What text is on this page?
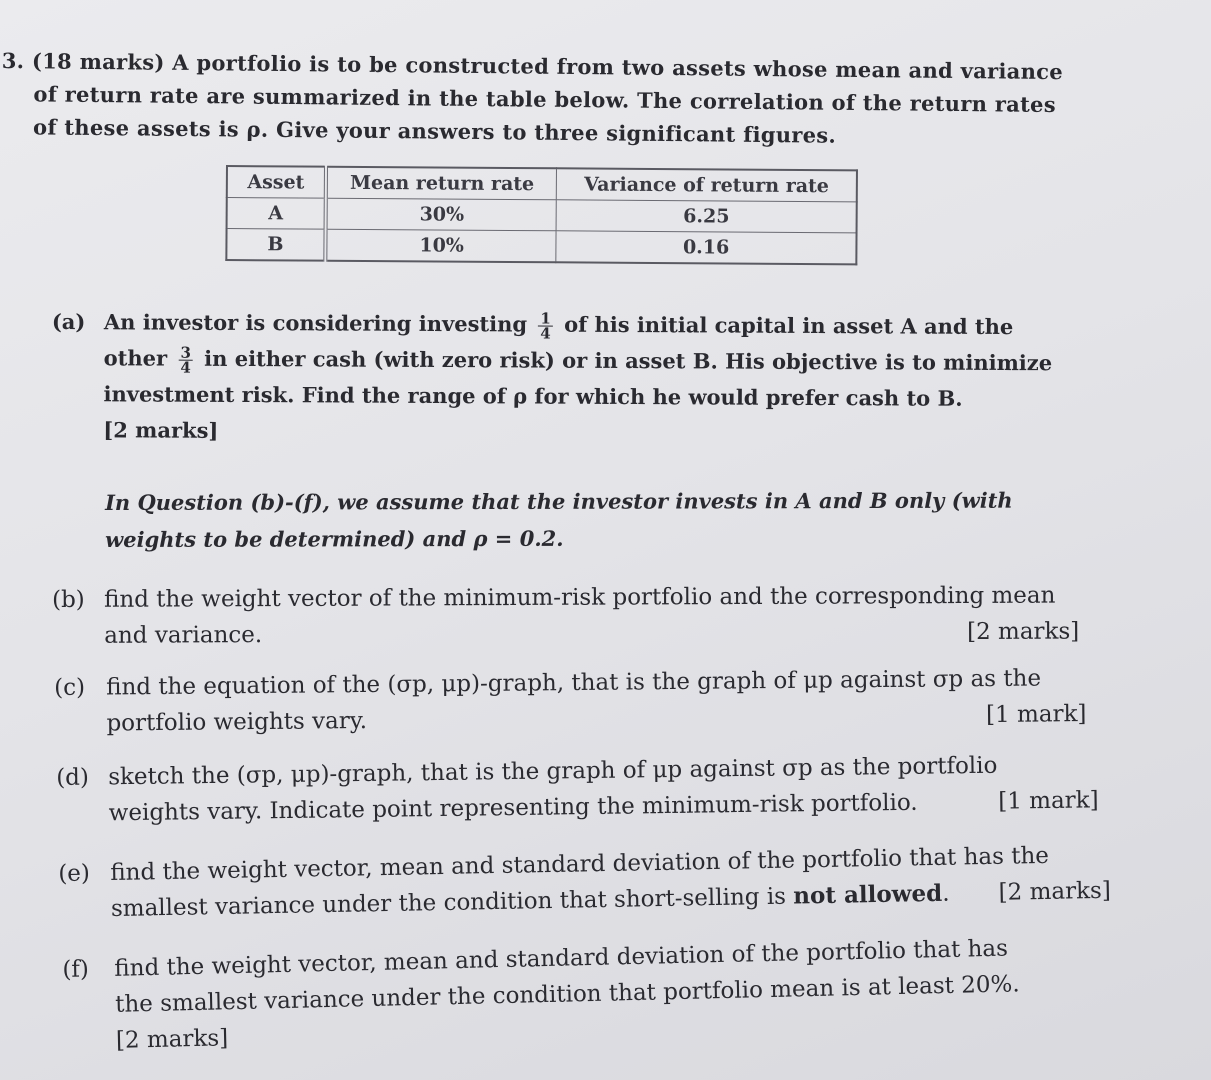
3. (18 marks) A portfolio is to be constructed from two assets whose mean and variance
of return rate are summarized in the table below. The correlation of the return rates
of these assets is ρ. Give your answers to three significant figures.
Asset	Mean return rate	Variance of return rate
A	30%	6.25
B	10%	0.16
(a) An investor is considering investing $\frac{1}{4}$ of his initial capital in asset A and the
other $\frac{3}{4}$ in either cash (with zero risk) or in asset B. His objective is to minimize
investment risk. Find the range of ρ for which he would prefer cash to B.
[2 marks]
In Question (b)-(f), we assume that the investor invests in A and B only (with
weights to be determined) and ρ = 0.2.
(b) find the weight vector of the minimum-risk portfolio and the corresponding mean
and variance.	[2 marks]
(c) find the equation of the (σp, μp)-graph, that is the graph of μp against σp as the
portfolio weights vary.	[1 mark]
(d) sketch the (σp, μp)-graph, that is the graph of μp against σp as the portfolio
weights vary. Indicate point representing the minimum-risk portfolio.	[1 mark]
(e) find the weight vector, mean and standard deviation of the portfolio that has the
smallest variance under the condition that short-selling is not allowed. [2 marks]
(f) find the weight vector, mean and standard deviation of the portfolio that has
the smallest variance under the condition that portfolio mean is at least 20%.
[2 marks]
